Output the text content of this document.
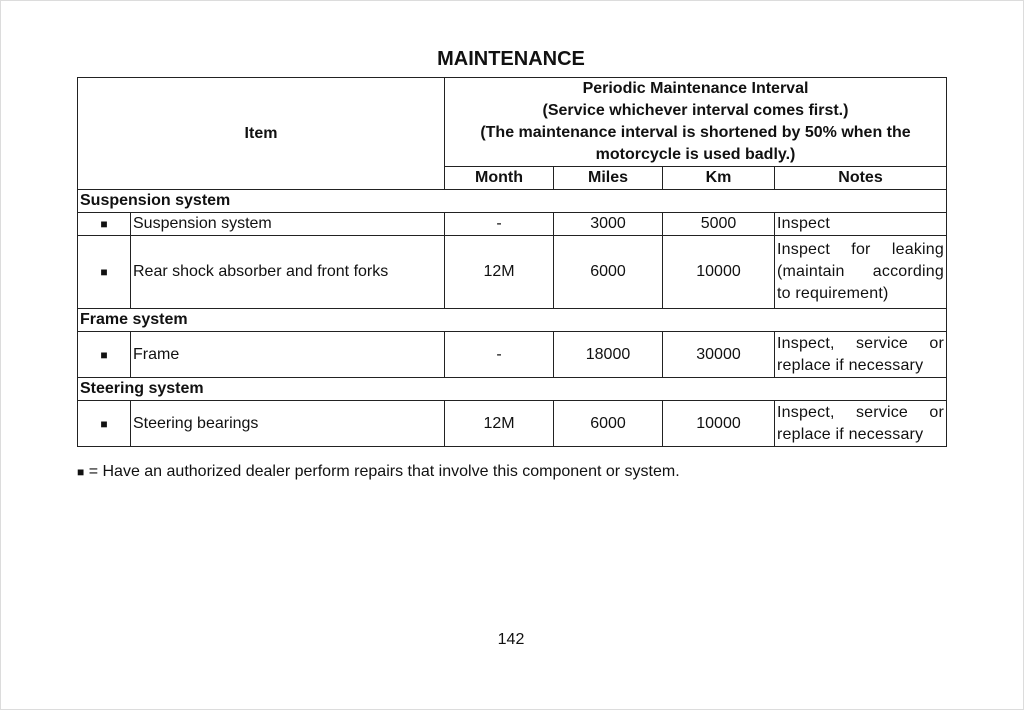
MAINTENANCE
Item		Periodic Maintenance Interval
(Service whichever interval comes first.)
(The maintenance interval is shortened by 50% when the
motorcycle is used badly.)			

		Month	Miles	Km	Notes
Suspension system					
■	Suspension system	-	3000	5000	Inspect

■	Rear shock absorber and front forks	12M	6000	10000	Inspect for leaking
(maintain according
to requirement)

Frame system					
■	Frame	-	18000	30000	Inspect, service or
replace if necessary

Steering system					
■	Steering bearings	12M	6000	10000	Inspect, service or
replace if necessary
■ = Have an authorized dealer perform repairs that involve this component or system.
142
